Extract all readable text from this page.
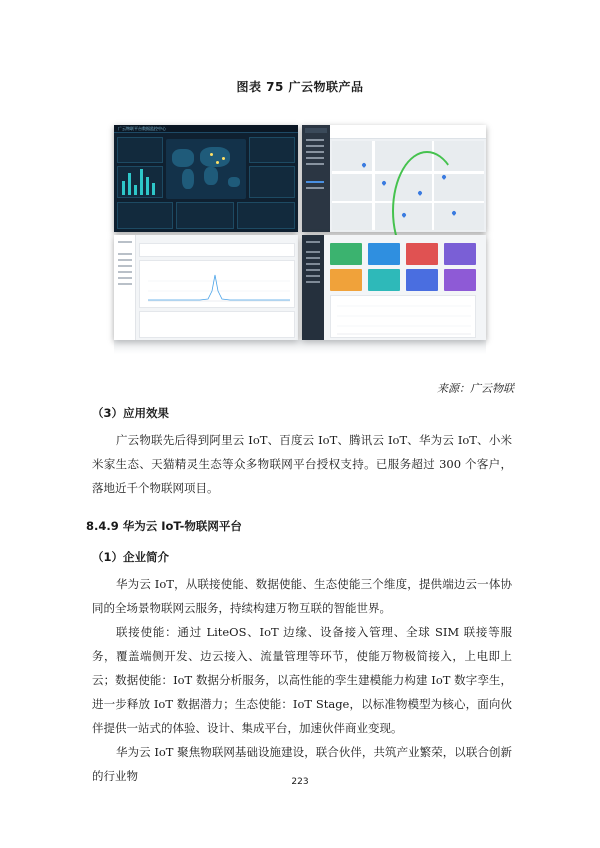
图表 75 广云物联产品
广云物联平台数据监控中心
来源：广云物联
（3）应用效果

广云物联先后得到阿里云 IoT、百度云 IoT、腾讯云 IoT、华为云 IoT、小米米家生态、天猫精灵生态等众多物联网平台授权支持。已服务超过 300 个客户，落地近千个物联网项目。

8.4.9 华为云 IoT-物联网平台
（1）企业简介

华为云 IoT，从联接使能、数据使能、生态使能三个维度，提供端边云一体协同的全场景物联网云服务，持续构建万物互联的智能世界。

联接使能：通过 LiteOS、IoT 边缘、设备接入管理、全球 SIM 联接等服务，覆盖端侧开发、边云接入、流量管理等环节，使能万物极简接入，上电即上云；数据使能：IoT 数据分析服务，以高性能的孪生建模能力构建 IoT 数字孪生，进一步释放 IoT 数据潜力；生态使能：IoT Stage，以标准物模型为核心，面向伙伴提供一站式的体验、设计、集成平台，加速伙伴商业变现。

华为云 IoT 聚焦物联网基础设施建设，联合伙伴，共筑产业繁荣，以联合创新的行业物	223
